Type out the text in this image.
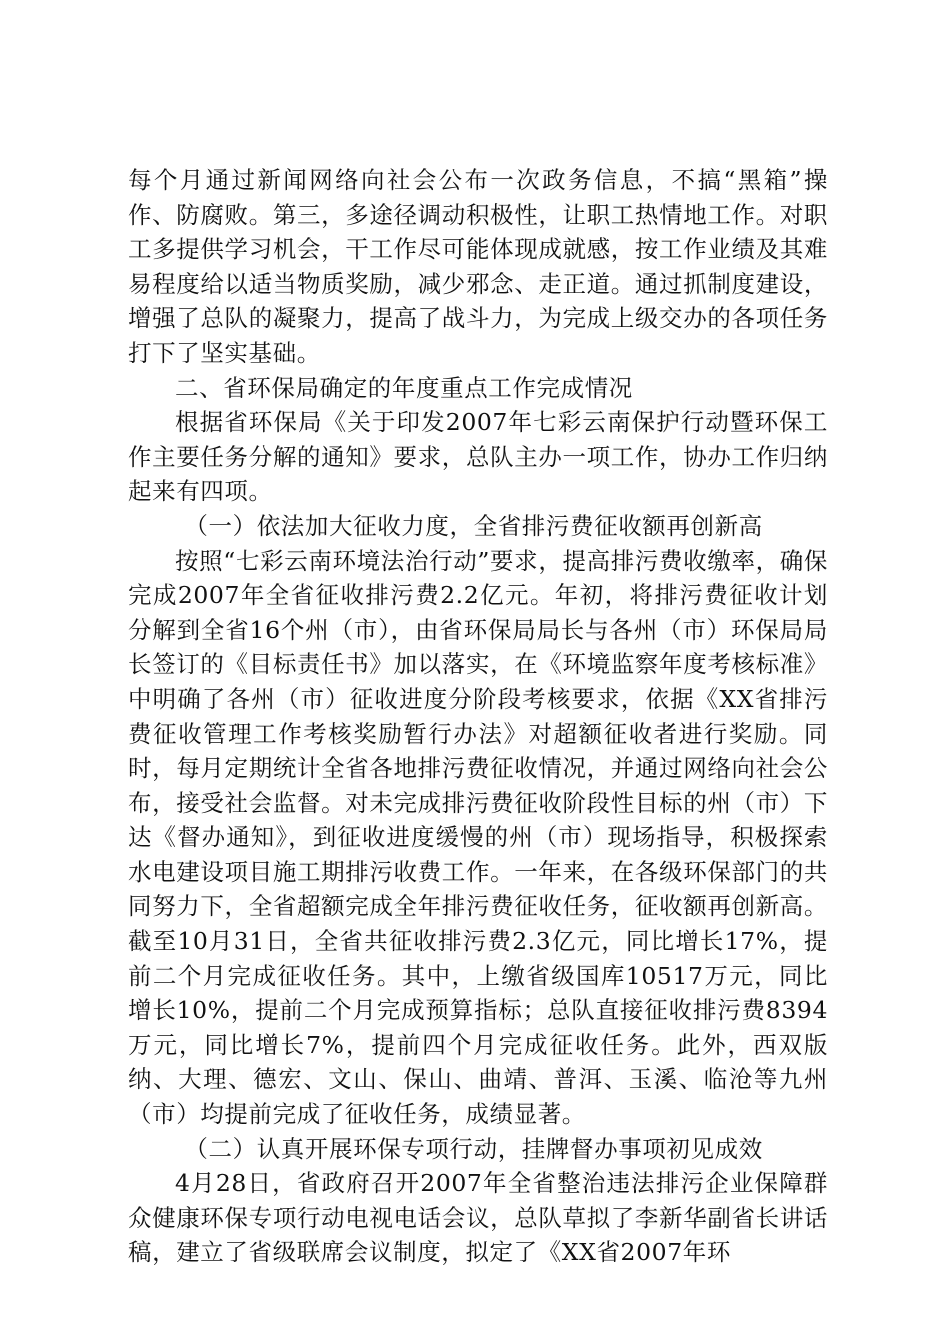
每个月通过新闻网络向社会公布一次政务信息，不搞“黑箱”操作、防腐败。第三，多途径调动积极性，让职工热情地工作。对职工多提供学习机会，干工作尽可能体现成就感，按工作业绩及其难易程度给以适当物质奖励，减少邪念、走正道。通过抓制度建设，增强了总队的凝聚力，提高了战斗力，为完成上级交办的各项任务打下了坚实基础。

二、省环保局确定的年度重点工作完成情况

根据省环保局《关于印发2007年七彩云南保护行动暨环保工作主要任务分解的通知》要求，总队主办一项工作，协办工作归纳起来有四项。

（一）依法加大征收力度，全省排污费征收额再创新高

按照“七彩云南环境法治行动”要求，提高排污费收缴率，确保完成2007年全省征收排污费2.2亿元。年初，将排污费征收计划分解到全省16个州（市），由省环保局局长与各州（市）环保局局长签订的《目标责任书》加以落实，在《环境监察年度考核标准》中明确了各州（市）征收进度分阶段考核要求，依据《XX省排污费征收管理工作考核奖励暂行办法》对超额征收者进行奖励。同时，每月定期统计全省各地排污费征收情况，并通过网络向社会公布，接受社会监督。对未完成排污费征收阶段性目标的州（市）下达《督办通知》，到征收进度缓慢的州（市）现场指导，积极探索水电建设项目施工期排污收费工作。一年来，在各级环保部门的共同努力下，全省超额完成全年排污费征收任务，征收额再创新高。截至10月31日，全省共征收排污费2.3亿元，同比增长17%，提前二个月完成征收任务。其中，上缴省级国库10517万元，同比增长10%，提前二个月完成预算指标；总队直接征收排污费8394万元，同比增长7%，提前四个月完成征收任务。此外，西双版纳、大理、德宏、文山、保山、曲靖、普洱、玉溪、临沧等九州（市）均提前完成了征收任务，成绩显著。

（二）认真开展环保专项行动，挂牌督办事项初见成效

4月28日，省政府召开2007年全省整治违法排污企业保障群众健康环保专项行动电视电话会议，总队草拟了李新华副省长讲话稿，建立了省级联席会议制度，拟定了《XX省2007年环
